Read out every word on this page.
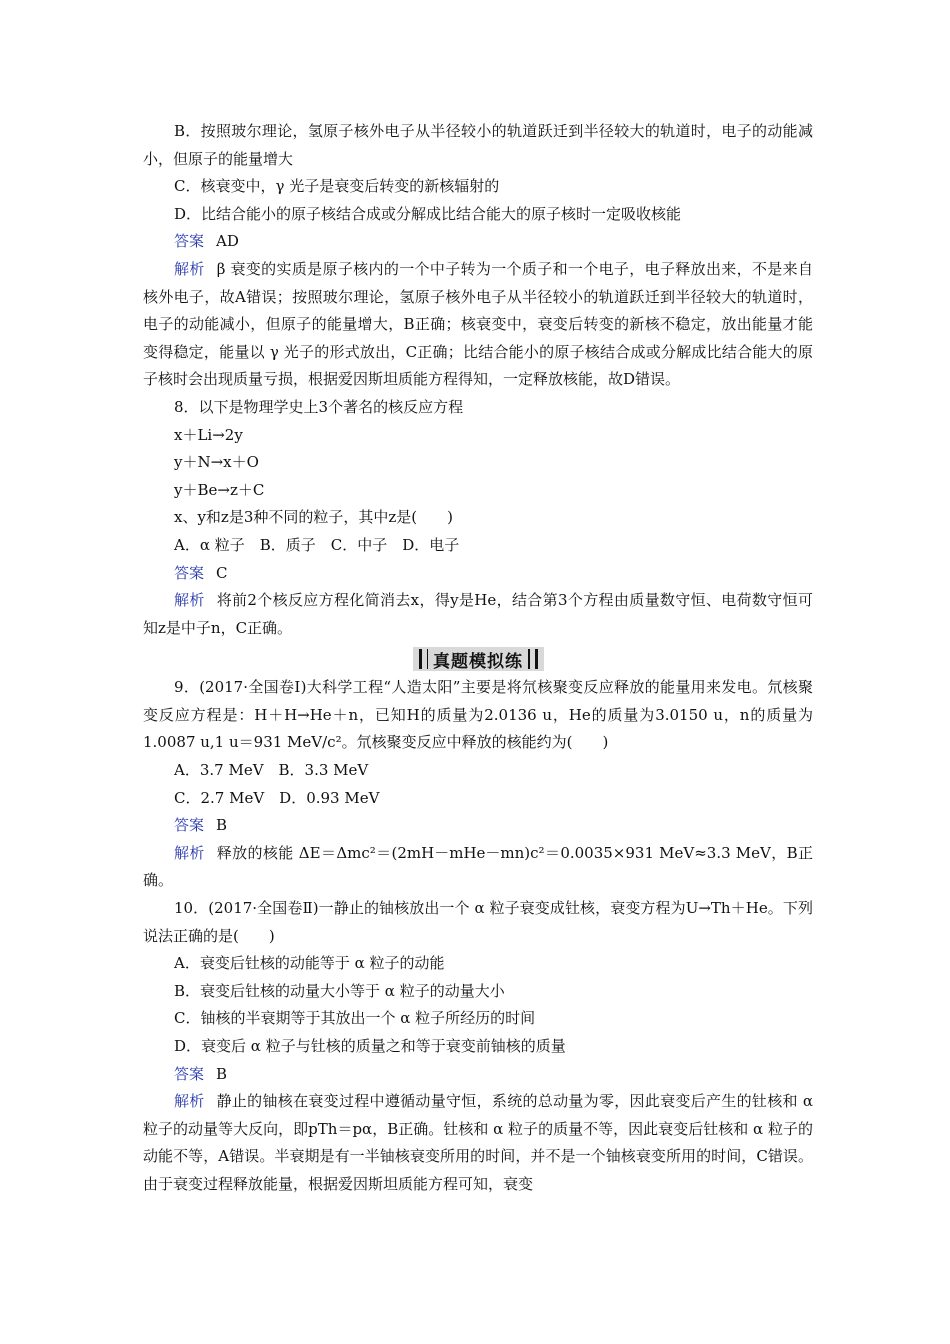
B．按照玻尔理论，氢原子核外电子从半径较小的轨道跃迁到半径较大的轨道时，电子的动能减小，但原子的能量增大

C．核衰变中，γ 光子是衰变后转变的新核辐射的

D．比结合能小的原子核结合成或分解成比结合能大的原子核时一定吸收核能

答案 AD

解析 β 衰变的实质是原子核内的一个中子转为一个质子和一个电子，电子释放出来，不是来自核外电子，故A错误；按照玻尔理论，氢原子核外电子从半径较小的轨道跃迁到半径较大的轨道时，电子的动能减小，但原子的能量增大，B正确；核衰变中，衰变后转变的新核不稳定，放出能量才能变得稳定，能量以 γ 光子的形式放出，C正确；比结合能小的原子核结合成或分解成比结合能大的原子核时会出现质量亏损，根据爱因斯坦质能方程得知，一定释放核能，故D错误。

8．以下是物理学史上3个著名的核反应方程

x＋Li→2y

y＋N→x＋O

y＋Be→z＋C

x、y和z是3种不同的粒子，其中z是(　　)

A．α 粒子　B．质子　C．中子　D．电子

答案 C

解析 将前2个核反应方程化简消去x，得y是He，结合第3个方程由质量数守恒、电荷数守恒可知z是中子n，C正确。

真题模拟练

9．(2017·全国卷Ⅰ)大科学工程“人造太阳”主要是将氘核聚变反应释放的能量用来发电。氘核聚变反应方程是：H＋H→He＋n，已知H的质量为2.0136 u，He的质量为3.0150 u，n的质量为1.0087 u,1 u＝931 MeV/c²。氘核聚变反应中释放的核能约为(　　)

A．3.7 MeV　B．3.3 MeV

C．2.7 MeV　D．0.93 MeV

答案 B

解析 释放的核能 ΔE＝Δmc²＝(2mH－mHe－mn)c²＝0.0035×931 MeV≈3.3 MeV，B正确。

10．(2017·全国卷Ⅱ)一静止的铀核放出一个 α 粒子衰变成钍核，衰变方程为U→Th＋He。下列说法正确的是(　　)

A．衰变后钍核的动能等于 α 粒子的动能

B．衰变后钍核的动量大小等于 α 粒子的动量大小

C．铀核的半衰期等于其放出一个 α 粒子所经历的时间

D．衰变后 α 粒子与钍核的质量之和等于衰变前铀核的质量

答案 B

解析 静止的铀核在衰变过程中遵循动量守恒，系统的总动量为零，因此衰变后产生的钍核和 α 粒子的动量等大反向，即pTh＝pα，B正确。钍核和 α 粒子的质量不等，因此衰变后钍核和 α 粒子的动能不等，A错误。半衰期是有一半铀核衰变所用的时间，并不是一个铀核衰变所用的时间，C错误。由于衰变过程释放能量，根据爱因斯坦质能方程可知，衰变
